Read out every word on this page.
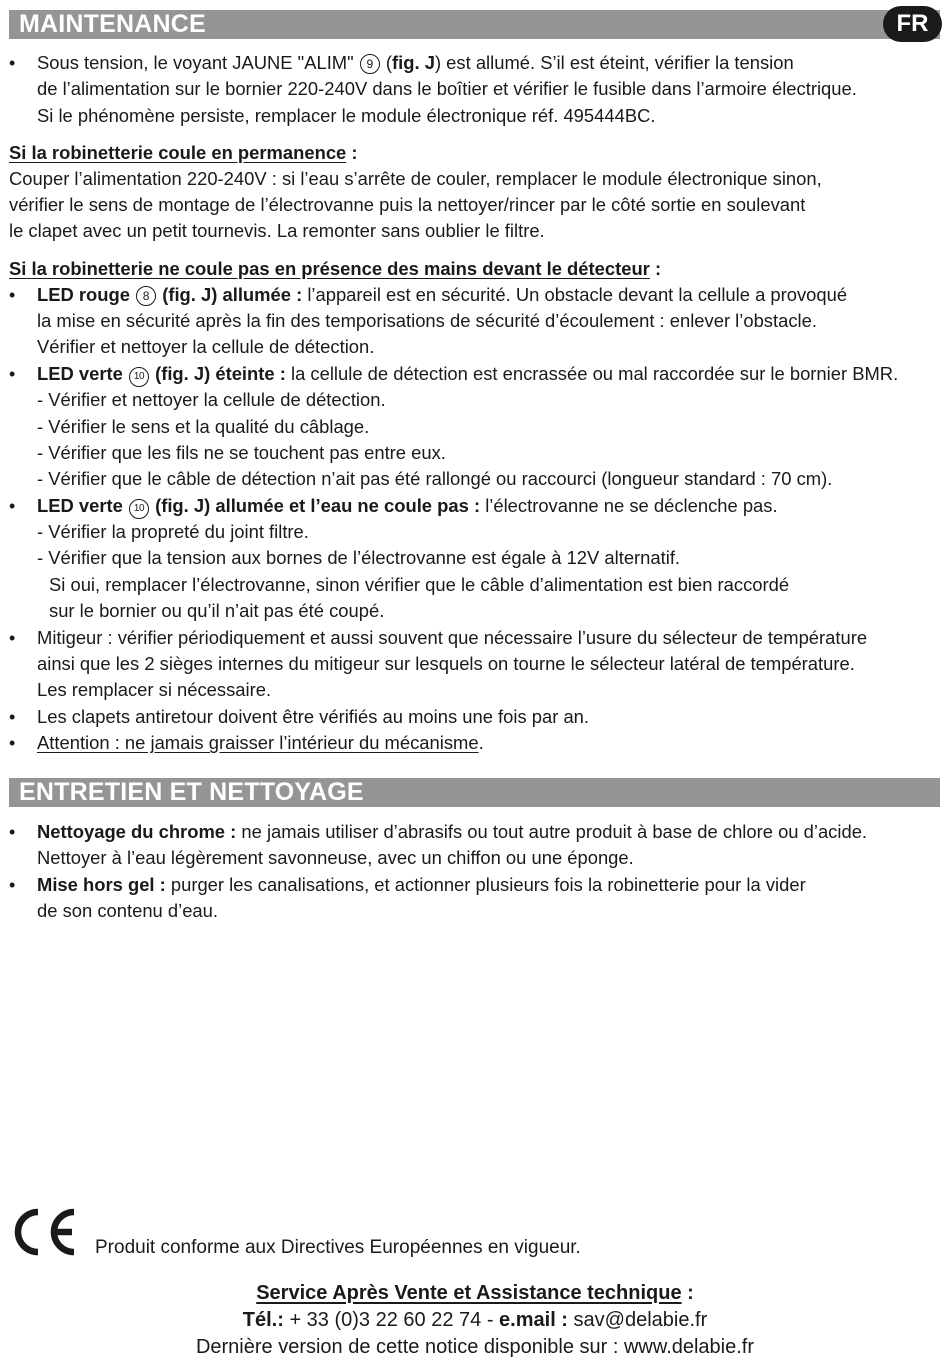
MAINTENANCE	FR
• Sous tension, le voyant JAUNE "ALIM" 9 (fig. J) est allumé. S’il est éteint, vérifier la tension

de l’alimentation sur le bornier 220-240V dans le boîtier et vérifier le fusible dans l’armoire électrique.

Si le phénomène persiste, remplacer le module électronique réf. 495444BC.

Si la robinetterie coule en permanence :

Couper l’alimentation 220-240V : si l’eau s’arrête de couler, remplacer le module électronique sinon,

vérifier le sens de montage de l’électrovanne puis la nettoyer/rincer par le côté sortie en soulevant

le clapet avec un petit tournevis. La remonter sans oublier le filtre.

Si la robinetterie ne coule pas en présence des mains devant le détecteur :

• LED rouge 8 (fig. J) allumée : l’appareil est en sécurité. Un obstacle devant la cellule a provoqué

la mise en sécurité après la fin des temporisations de sécurité d’écoulement : enlever l’obstacle.

Vérifier et nettoyer la cellule de détection.

• LED verte 10 (fig. J) éteinte : la cellule de détection est encrassée ou mal raccordée sur le bornier BMR.

- Vérifier et nettoyer la cellule de détection.

- Vérifier le sens et la qualité du câblage.

- Vérifier que les fils ne se touchent pas entre eux.

- Vérifier que le câble de détection n’ait pas été rallongé ou raccourci (longueur standard : 70 cm).

• LED verte 10 (fig. J) allumée et l’eau ne coule pas : l’électrovanne ne se déclenche pas.

- Vérifier la propreté du joint filtre.

- Vérifier que la tension aux bornes de l’électrovanne est égale à 12V alternatif.

Si oui, remplacer l’électrovanne, sinon vérifier que le câble d’alimentation est bien raccordé

sur le bornier ou qu’il n’ait pas été coupé.

• Mitigeur : vérifier périodiquement et aussi souvent que nécessaire l’usure du sélecteur de température

ainsi que les 2 sièges internes du mitigeur sur lesquels on tourne le sélecteur latéral de température.

Les remplacer si nécessaire.

• Les clapets antiretour doivent être vérifiés au moins une fois par an.

• Attention : ne jamais graisser l’intérieur du mécanisme.

ENTRETIEN ET NETTOYAGE
• Nettoyage du chrome : ne jamais utiliser d’abrasifs ou tout autre produit à base de chlore ou d’acide.

Nettoyer à l’eau légèrement savonneuse, avec un chiffon ou une éponge.

• Mise hors gel : purger les canalisations, et actionner plusieurs fois la robinetterie pour la vider

de son contenu d’eau.

Produit conforme aux Directives Européennes en vigueur.

Service Après Vente et Assistance technique :

Tél.: + 33 (0)3 22 60 22 74 - e.mail : sav@delabie.fr

Dernière version de cette notice disponible sur : www.delabie.fr
